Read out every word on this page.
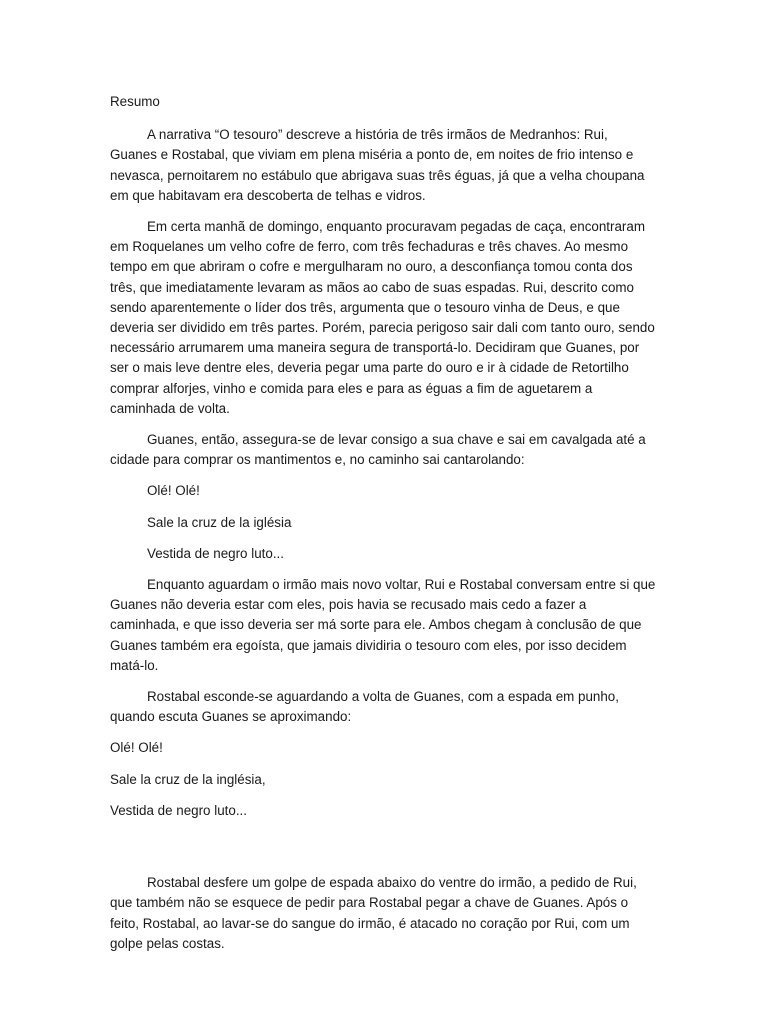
Resumo

A narrativa “O tesouro” descreve a história de três irmãos de Medranhos: Rui, Guanes e Rostabal, que viviam em plena miséria a ponto de, em noites de frio intenso e nevasca, pernoitarem no estábulo que abrigava suas três éguas, já que a velha choupana em que habitavam era descoberta de telhas e vidros.

Em certa manhã de domingo, enquanto procuravam pegadas de caça, encontraram em Roquelanes um velho cofre de ferro, com três fechaduras e três chaves. Ao mesmo tempo em que abriram o cofre e mergulharam no ouro, a desconfiança tomou conta dos três, que imediatamente levaram as mãos ao cabo de suas espadas. Rui, descrito como sendo aparentemente o líder dos três, argumenta que o tesouro vinha de Deus, e que deveria ser dividido em três partes. Porém, parecia perigoso sair dali com tanto ouro, sendo necessário arrumarem uma maneira segura de transportá-lo. Decidiram que Guanes, por ser o mais leve dentre eles, deveria pegar uma parte do ouro e ir à cidade de Retortilho comprar alforjes, vinho e comida para eles e para as éguas a fim de aguetarem a caminhada de volta.

Guanes, então, assegura-se de levar consigo a sua chave e sai em cavalgada até a cidade para comprar os mantimentos e, no caminho sai cantarolando:

Olé! Olé!

Sale la cruz de la iglésia

Vestida de negro luto...

Enquanto aguardam o irmão mais novo voltar, Rui e Rostabal conversam entre si que Guanes não deveria estar com eles, pois havia se recusado mais cedo a fazer a caminhada, e que isso deveria ser má sorte para ele. Ambos chegam à conclusão de que Guanes também era egoísta, que jamais dividiria o tesouro com eles, por isso decidem matá-lo.

Rostabal esconde-se aguardando a volta de Guanes, com a espada em punho, quando escuta Guanes se aproximando:

Olé! Olé!

Sale la cruz de la inglésia,

Vestida de negro luto...

Rostabal desfere um golpe de espada abaixo do ventre do irmão, a pedido de Rui, que também não se esquece de pedir para Rostabal pegar a chave de Guanes. Após o feito, Rostabal, ao lavar-se do sangue do irmão, é atacado no coração por Rui, com um golpe pelas costas.
